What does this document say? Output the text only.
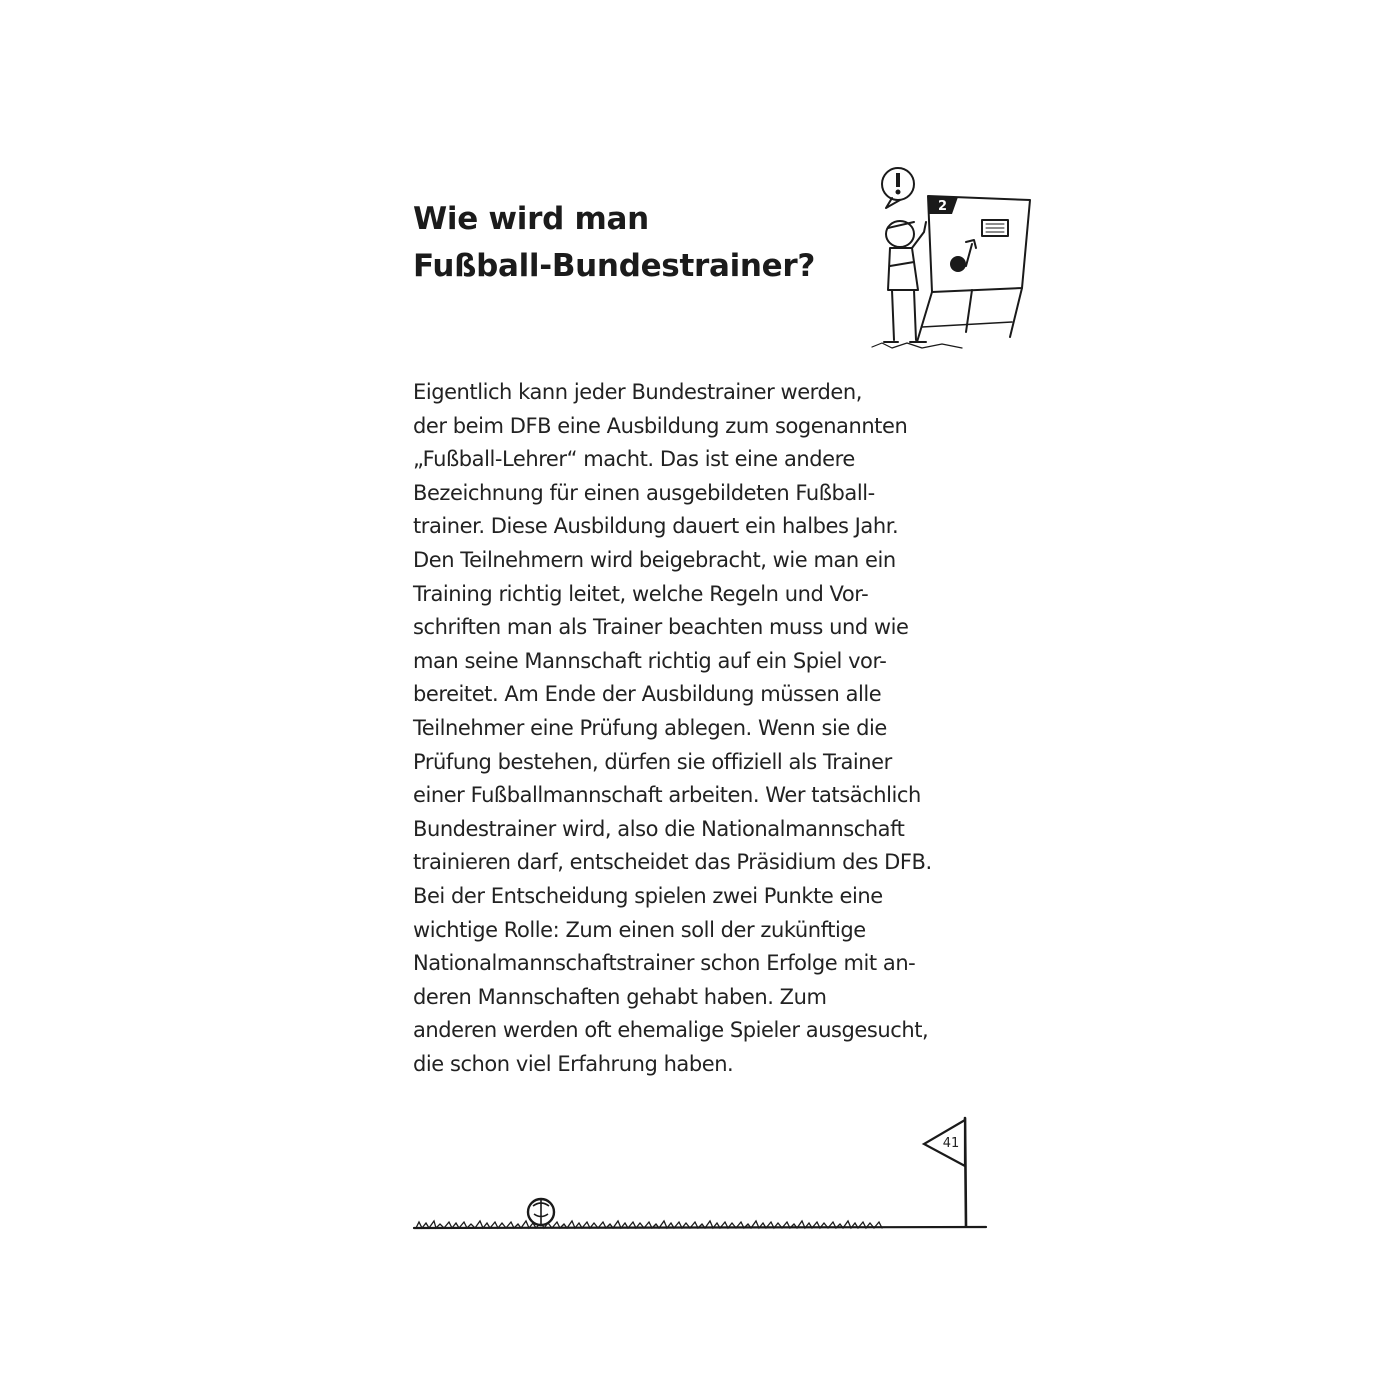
Wie wird man
Fußball-Bundestrainer?
2
Eigentlich kann jeder Bundestrainer werden,
der beim DFB eine Ausbildung zum sogenannten
„Fußball-Lehrer“ macht. Das ist eine andere
Bezeichnung für einen ausgebildeten Fußball-
trainer. Diese Ausbildung dauert ein halbes Jahr.
Den Teilnehmern wird beigebracht, wie man ein
Training richtig leitet, welche Regeln und Vor-
schriften man als Trainer beachten muss und wie
man seine Mannschaft richtig auf ein Spiel vor-
bereitet. Am Ende der Ausbildung müssen alle
Teilnehmer eine Prüfung ablegen. Wenn sie die
Prüfung bestehen, dürfen sie offiziell als Trainer
einer Fußballmannschaft arbeiten. Wer tatsächlich
Bundestrainer wird, also die Nationalmannschaft
trainieren darf, entscheidet das Präsidium des DFB.
Bei der Entscheidung spielen zwei Punkte eine
wichtige Rolle: Zum einen soll der zukünftige
Nationalmannschaftstrainer schon Erfolge mit an-
deren Mannschaften gehabt haben. Zum
anderen werden oft ehemalige Spieler ausgesucht,
die schon viel Erfahrung haben.
41
